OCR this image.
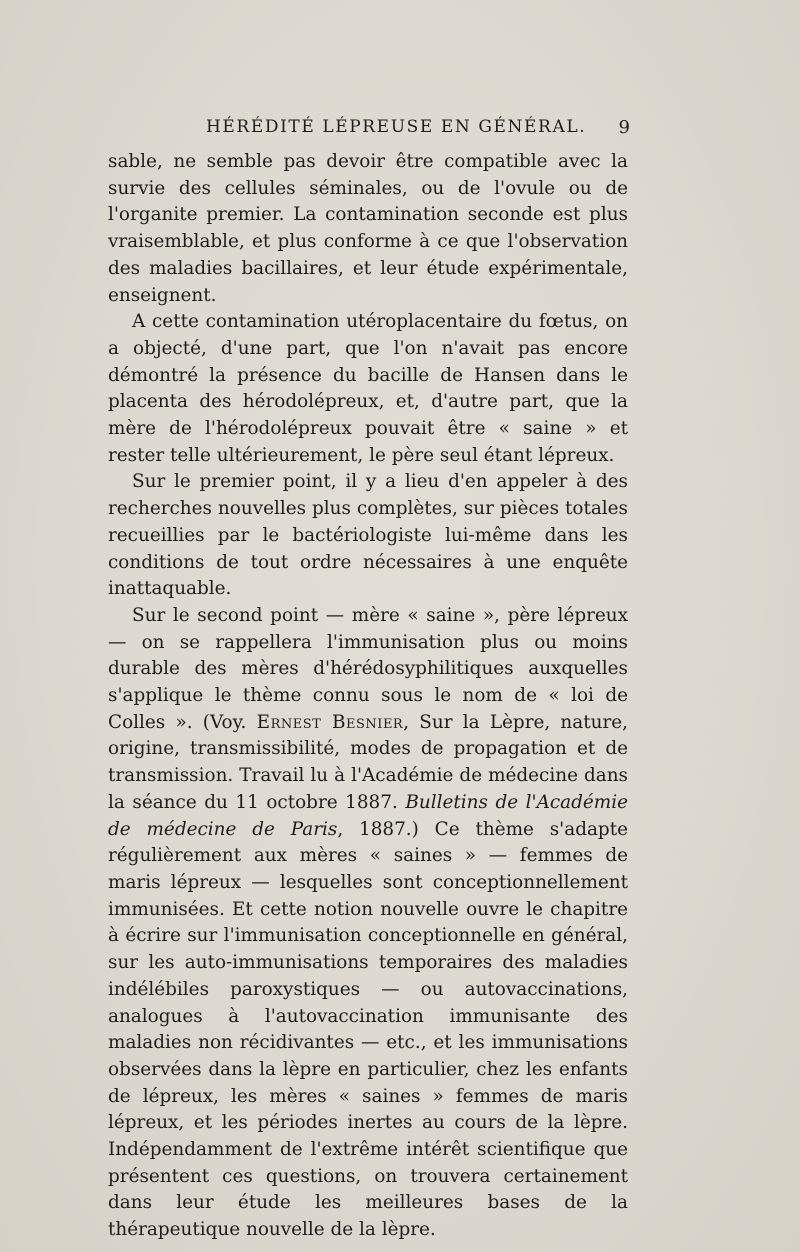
HÉRÉDITÉ LÉPREUSE EN GÉNÉRAL. 9

sable, ne semble pas devoir être compatible avec la survie des cellules séminales, ou de l'ovule ou de l'organite premier. La contamination seconde est plus vraisemblable, et plus conforme à ce que l'observation des maladies bacillaires, et leur étude expérimentale, enseignent.

A cette contamination utéroplacentaire du fœtus, on a objecté, d'une part, que l'on n'avait pas encore démontré la présence du bacille de Hansen dans le placenta des hérodolépreux, et, d'autre part, que la mère de l'hérodolépreux pouvait être « saine » et rester telle ultérieurement, le père seul étant lépreux.

Sur le premier point, il y a lieu d'en appeler à des recherches nouvelles plus complètes, sur pièces totales recueillies par le bactériologiste lui-même dans les conditions de tout ordre nécessaires à une enquête inattaquable.

Sur le second point — mère « saine », père lépreux — on se rappellera l'immunisation plus ou moins durable des mères d'hérédosyphilitiques auxquelles s'applique le thème connu sous le nom de « loi de Colles ». (Voy. Ernest Besnier, Sur la Lèpre, nature, origine, transmissibilité, modes de propagation et de transmission. Travail lu à l'Académie de médecine dans la séance du 11 octobre 1887. Bulletins de l'Académie de médecine de Paris, 1887.) Ce thème s'adapte régulièrement aux mères « saines » — femmes de maris lépreux — lesquelles sont conceptionnellement immunisées. Et cette notion nouvelle ouvre le chapitre à écrire sur l'immunisation conceptionnelle en général, sur les auto-immunisations temporaires des maladies indélébiles paroxystiques — ou autovaccinations, analogues à l'autovaccination immunisante des maladies non récidivantes — etc., et les immunisations observées dans la lèpre en particulier, chez les enfants de lépreux, les mères « saines » femmes de maris lépreux, et les périodes inertes au cours de la lèpre. Indépendamment de l'extrême intérêt scientifique que présentent ces questions, on trouvera certainement dans leur étude les meilleures bases de la thérapeutique nouvelle de la lèpre.
